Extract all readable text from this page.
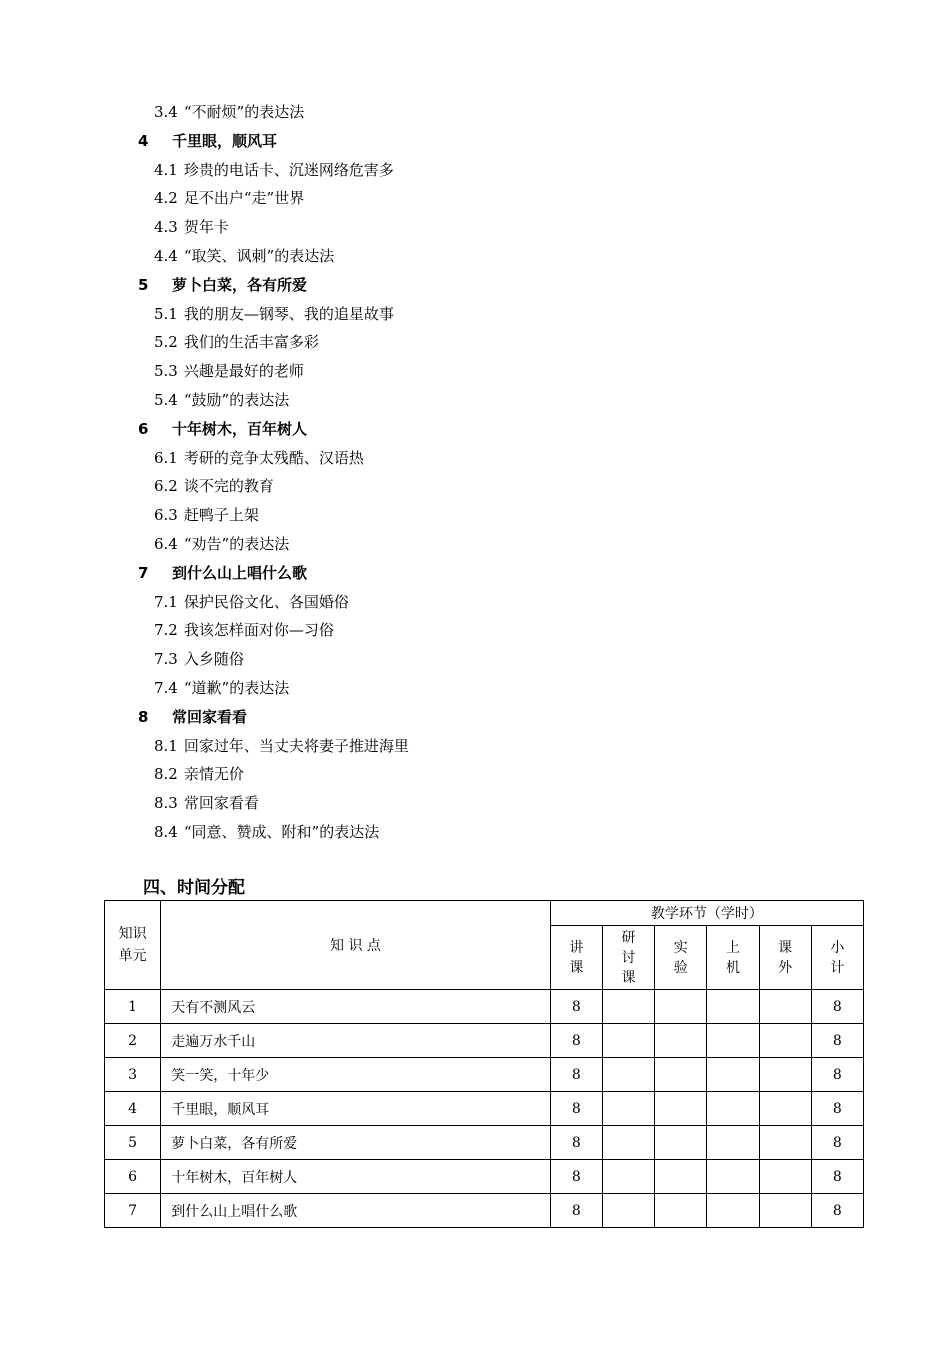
3.4 “不耐烦”的表达法
4 千里眼，顺风耳
4.1 珍贵的电话卡、沉迷网络危害多
4.2 足不出户“走”世界
4.3 贺年卡
4.4 “取笑、讽刺”的表达法
5 萝卜白菜，各有所爱
5.1 我的朋友—钢琴、我的追星故事
5.2 我们的生活丰富多彩
5.3 兴趣是最好的老师
5.4 “鼓励”的表达法
6 十年树木，百年树人
6.1 考研的竞争太残酷、汉语热
6.2 谈不完的教育
6.3 赶鸭子上架
6.4 “劝告”的表达法
7 到什么山上唱什么歌
7.1 保护民俗文化、各国婚俗
7.2 我该怎样面对你—习俗
7.3 入乡随俗
7.4 “道歉”的表达法
8 常回家看看
8.1 回家过年、当丈夫将妻子推进海里
8.2 亲情无价
8.3 常回家看看
8.4 “同意、赞成、附和”的表达法
四、时间分配
知识单元	知 识 点	教学环节（学时）					
		讲课	研讨课	实验	上机	课外	小计
1	天有不测风云	8					8
2	走遍万水千山	8					8
3	笑一笑，十年少	8					8
4	千里眼，顺风耳	8					8
5	萝卜白菜，各有所爱	8					8
6	十年树木，百年树人	8					8
7	到什么山上唱什么歌	8					8
